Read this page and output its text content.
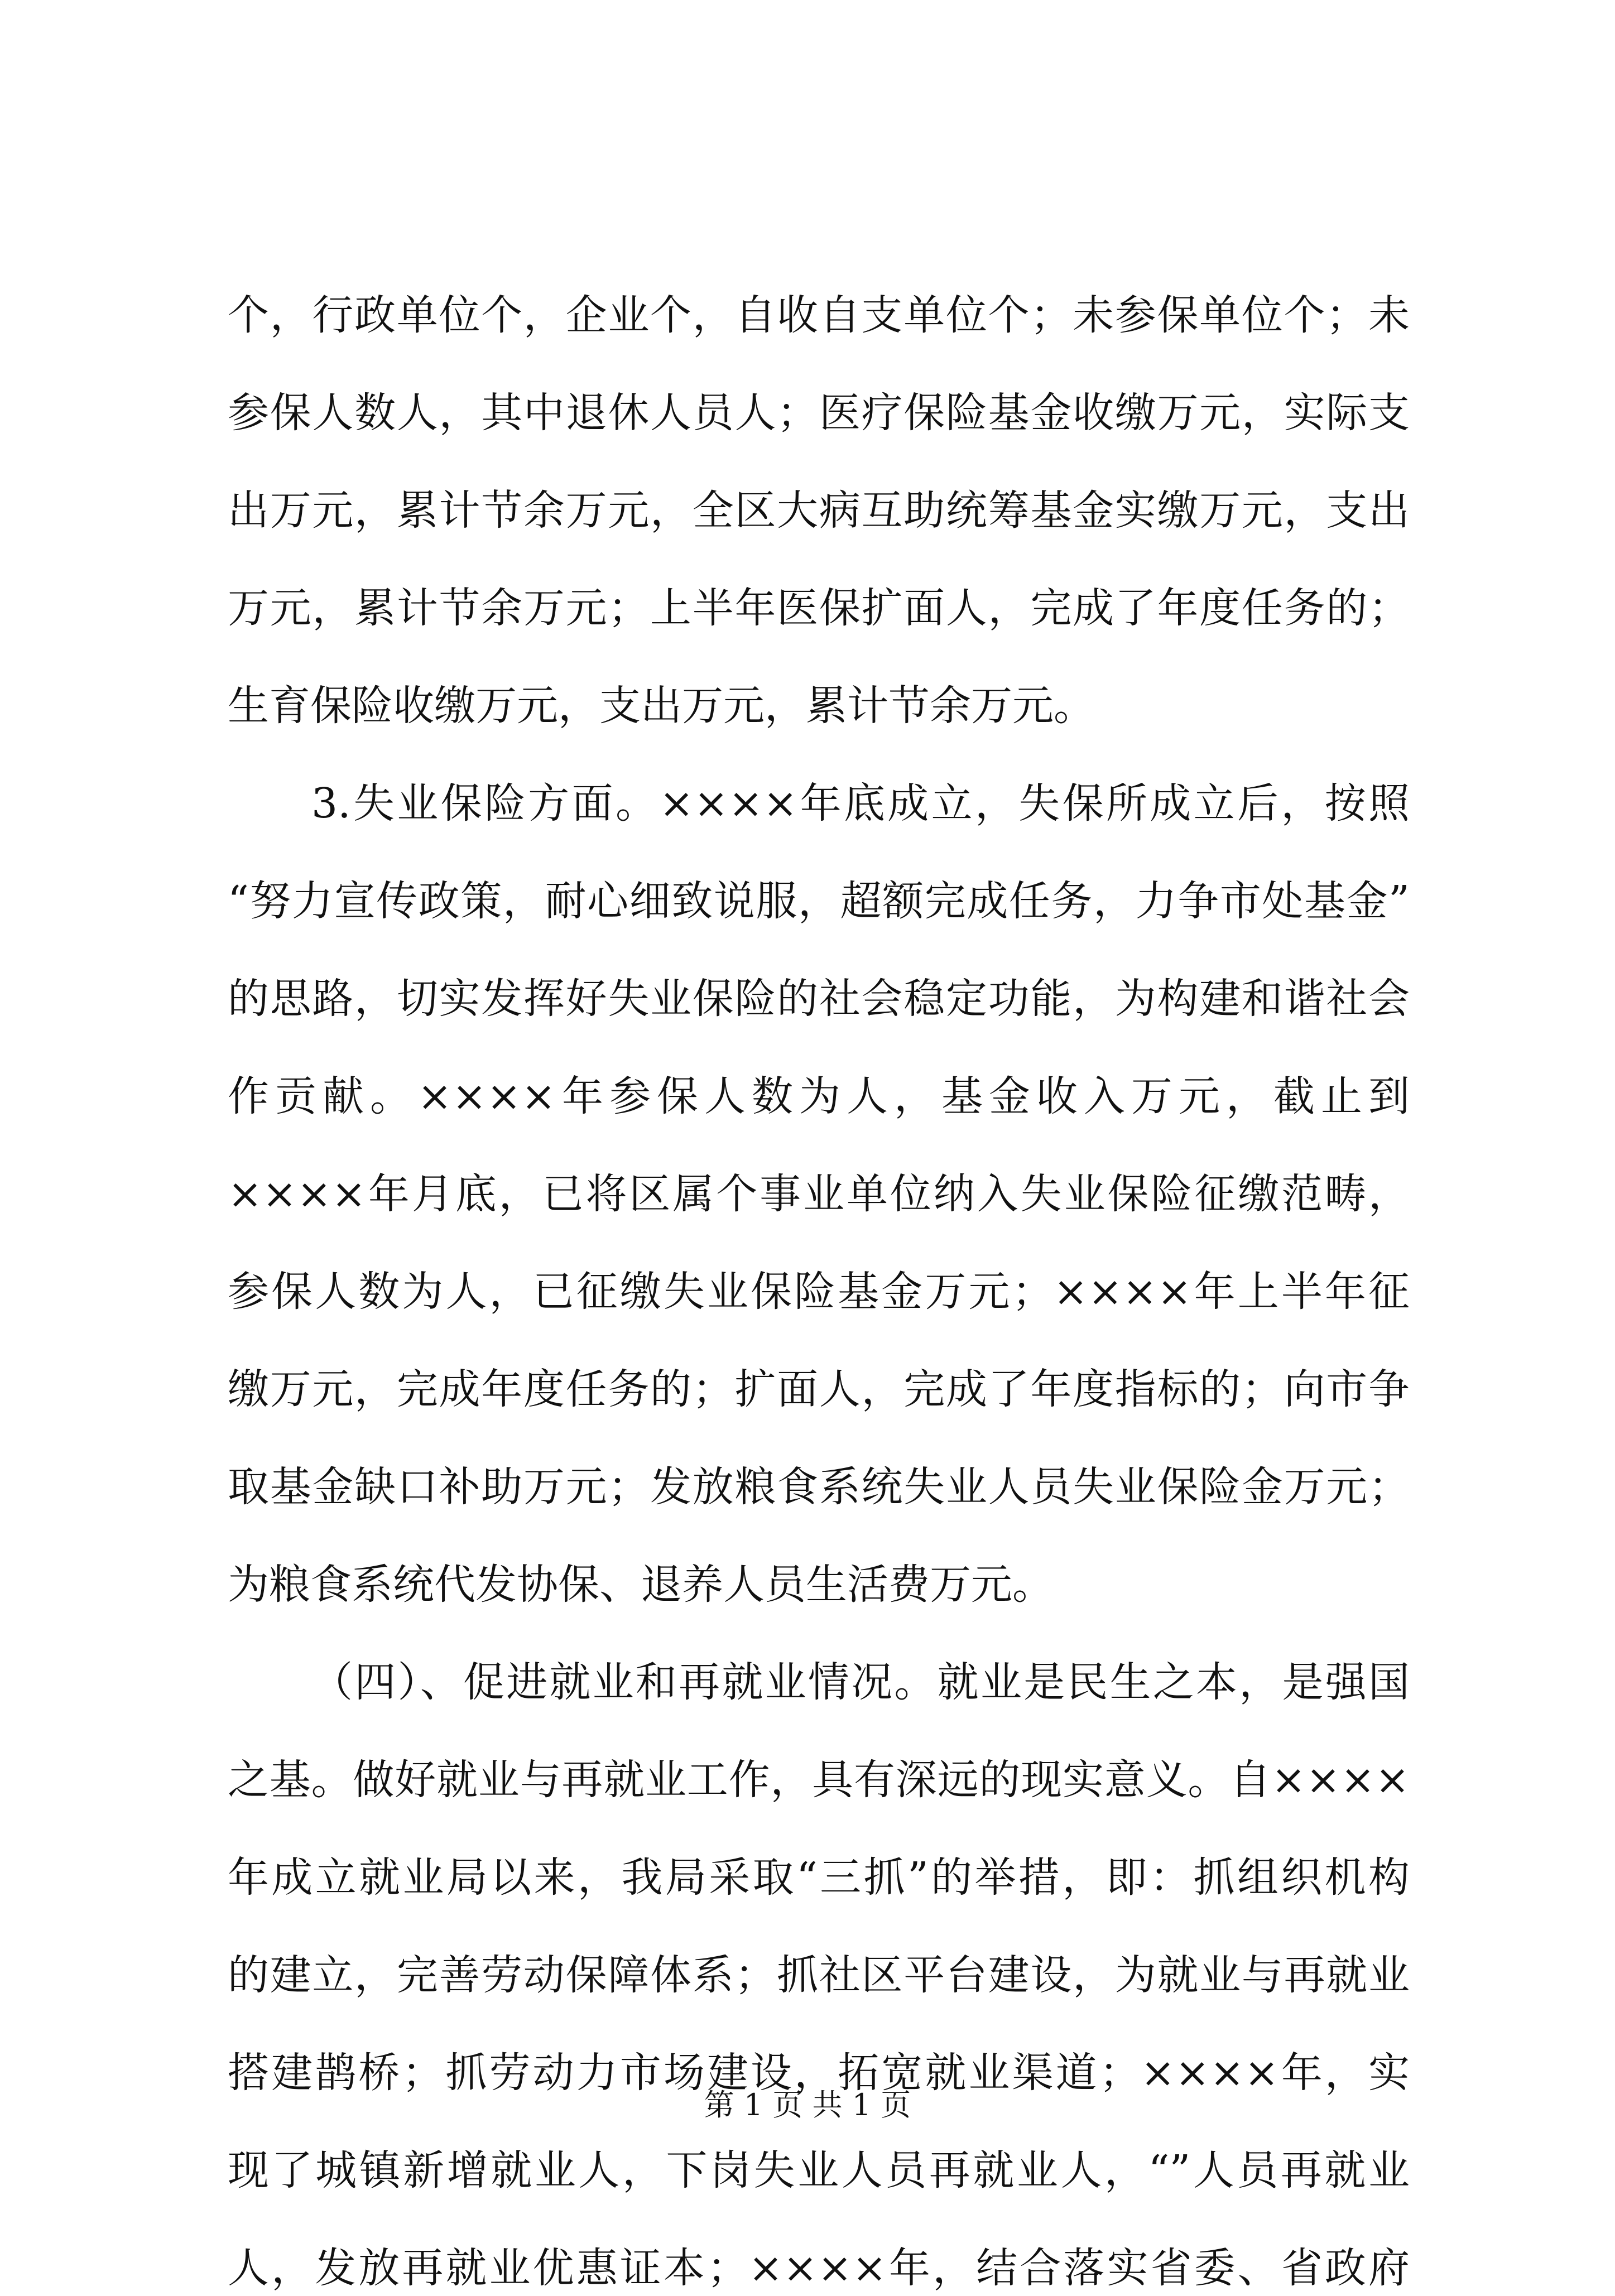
个，行政单位个，企业个，自收自支单位个；未参保单位个；未
参保人数人，其中退休人员人；医疗保险基金收缴万元，实际支
出万元，累计节余万元，全区大病互助统筹基金实缴万元，支出
万元，累计节余万元；上半年医保扩面人，完成了年度任务的；
生育保险收缴万元，支出万元，累计节余万元。
3.失业保险方面。××××年底成立，失保所成立后，按照
“努力宣传政策，耐心细致说服，超额完成任务，力争市处基金”
的思路，切实发挥好失业保险的社会稳定功能，为构建和谐社会
作贡献。××××年参保人数为人，基金收入万元，截止到
××××年月底，已将区属个事业单位纳入失业保险征缴范畴，
参保人数为人，已征缴失业保险基金万元；××××年上半年征
缴万元，完成年度任务的；扩面人，完成了年度指标的；向市争
取基金缺口补助万元；发放粮食系统失业人员失业保险金万元；
为粮食系统代发协保、退养人员生活费万元。
（四）、促进就业和再就业情况。就业是民生之本，是强国
之基。做好就业与再就业工作，具有深远的现实意义。自××××
年成立就业局以来，我局采取“三抓”的举措，即：抓组织机构
的建立，完善劳动保障体系；抓社区平台建设，为就业与再就业
搭建鹊桥；抓劳动力市场建设，拓宽就业渠道；××××年，实
现了城镇新增就业人，下岗失业人员再就业人，“”人员再就业
人，发放再就业优惠证本；××××年，结合落实省委、省政府
第 1 页 共 1 页
